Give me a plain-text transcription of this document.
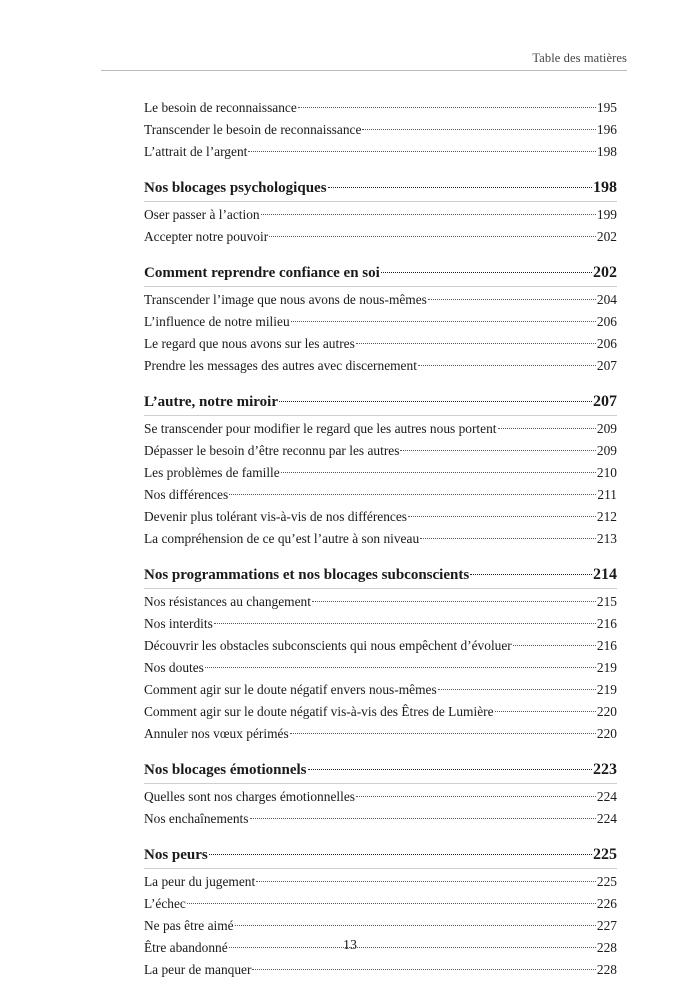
Table des matières
Le besoin de reconnaissance	195
Transcender le besoin de reconnaissance	196
L’attrait de l’argent	198
Nos blocages psychologiques	198
Oser passer à l’action	199
Accepter notre pouvoir	202
Comment reprendre confiance en soi	202
Transcender l’image que nous avons de nous-mêmes	204
L’influence de notre milieu	206
Le regard que nous avons sur les autres	206
Prendre les messages des autres avec discernement	207
L’autre, notre miroir	207
Se transcender pour modifier le regard que les autres nous portent	209
Dépasser le besoin d’être reconnu par les autres	209
Les problèmes de famille	210
Nos différences	211
Devenir plus tolérant vis-à-vis de nos différences	212
La compréhension de ce qu’est l’autre à son niveau	213
Nos programmations et nos blocages subconscients	214
Nos résistances au changement	215
Nos interdits	216
Découvrir les obstacles subconscients qui nous empêchent d’évoluer	216
Nos doutes	219
Comment agir sur le doute négatif envers nous-mêmes	219
Comment agir sur le doute négatif vis-à-vis des Êtres de Lumière	220
Annuler nos vœux périmés	220
Nos blocages émotionnels	223
Quelles sont nos charges émotionnelles	224
Nos enchaînements	224
Nos peurs	225
La peur du jugement	225
L’échec	226
Ne pas être aimé	227
Être abandonné	228
La peur de manquer	228
13
